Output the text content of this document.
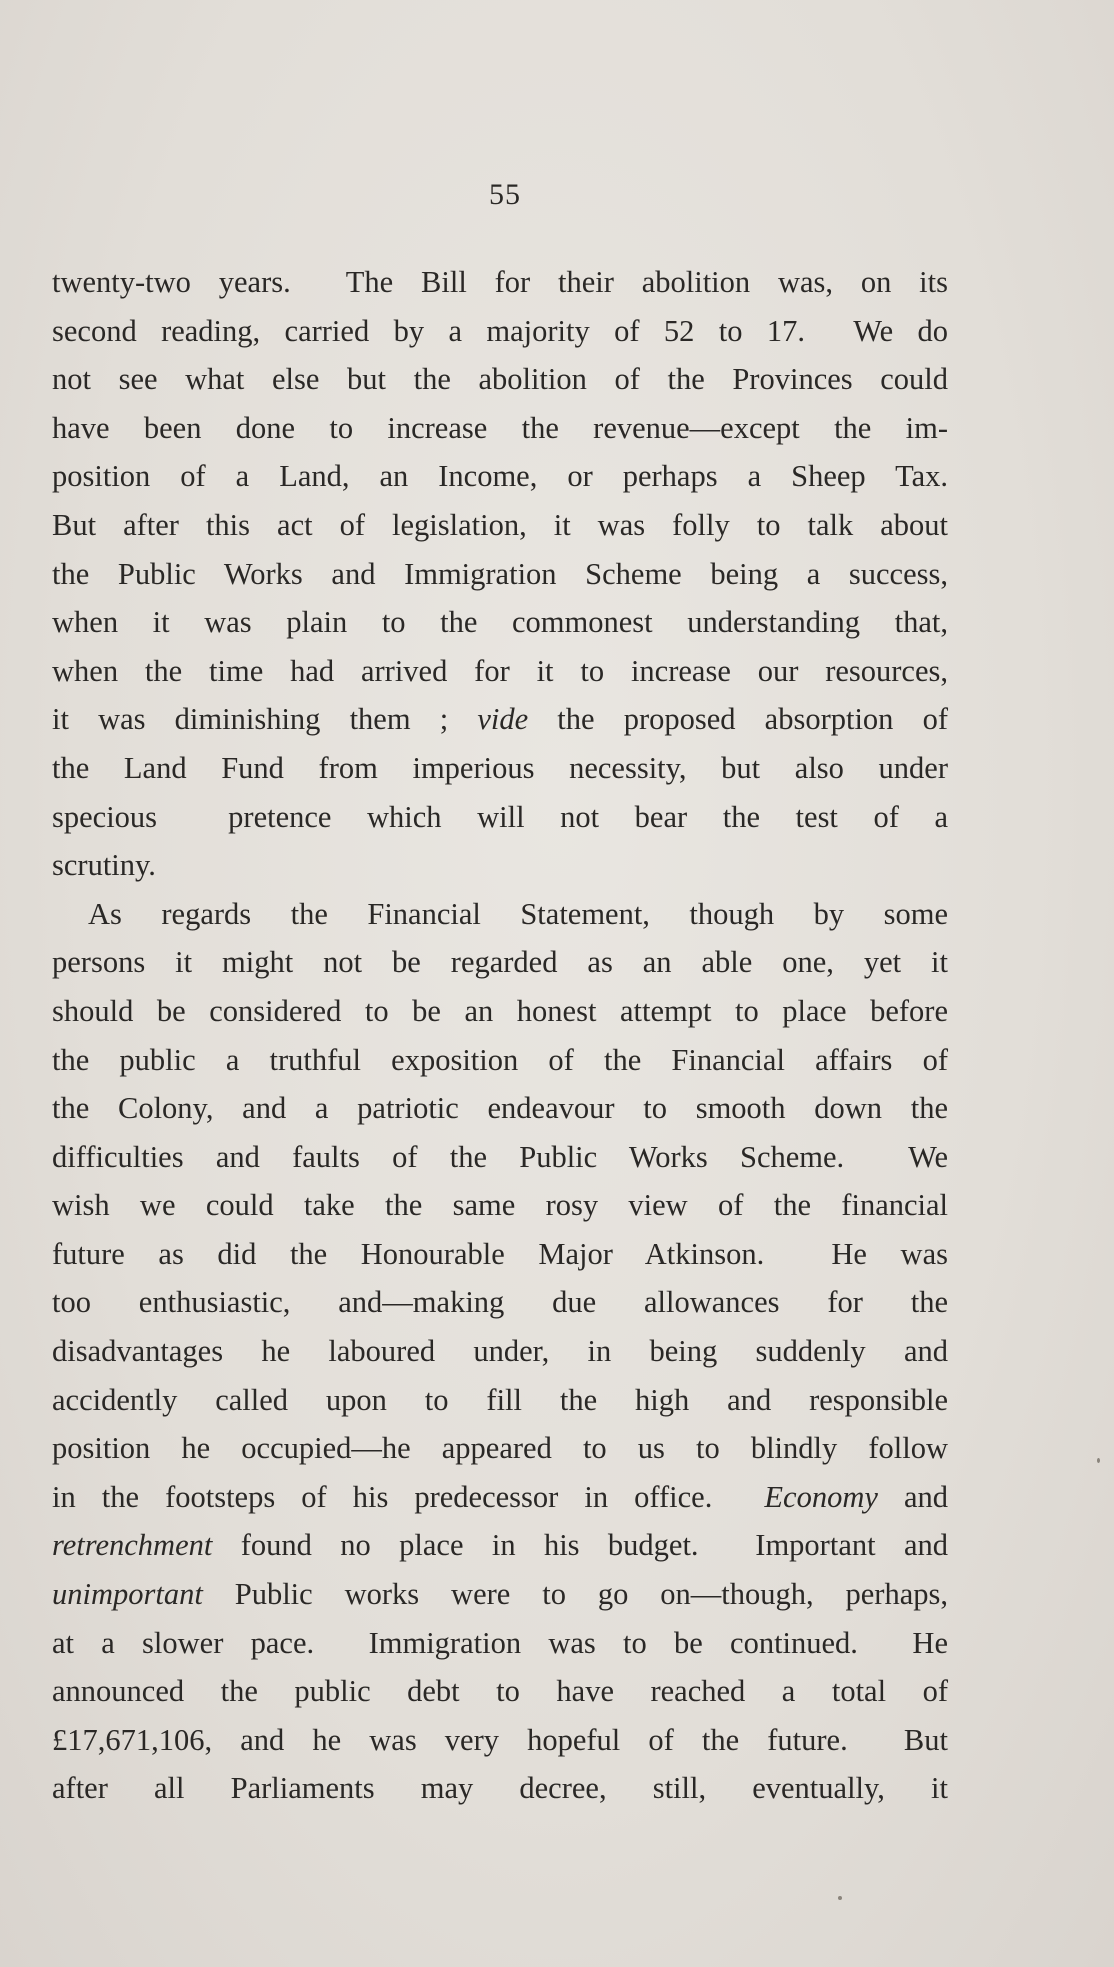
55
twenty-two years.  The Bill for their abolition was, on its
second reading, carried by a majority of 52 to 17.  We do
not see what else but the abolition of the Provinces could
have been done to increase the revenue—except the im-
position of a Land, an Income, or perhaps a Sheep Tax.
But after this act of legislation, it was folly to talk about
the Public Works and Immigration Scheme being a success,
when it was plain to the commonest understanding that,
when the time had arrived for it to increase our resources,
it was diminishing them ; vide the proposed absorption of
the Land Fund from imperious necessity, but also under
specious  pretence which will not bear the test of a
scrutiny.
As regards the Financial Statement, though by some
persons it might not be regarded as an able one, yet it
should be considered to be an honest attempt to place before
the public a truthful exposition of the Financial affairs of
the Colony, and a patriotic endeavour to smooth down the
difficulties and faults of the Public Works Scheme.  We
wish we could take the same rosy view of the financial
future as did the Honourable Major Atkinson.  He was
too enthusiastic, and—making due allowances for the
disadvantages he laboured under, in being suddenly and
accidently called upon to fill the high and responsible
position he occupied—he appeared to us to blindly follow
in the footsteps of his predecessor in office.  Economy and
retrenchment found no place in his budget.  Important and
unimportant Public works were to go on—though, perhaps,
at a slower pace.  Immigration was to be continued.  He
announced the public debt to have reached a total of
£17,671,106, and he was very hopeful of the future.  But
after all Parliaments may decree, still, eventually, it
